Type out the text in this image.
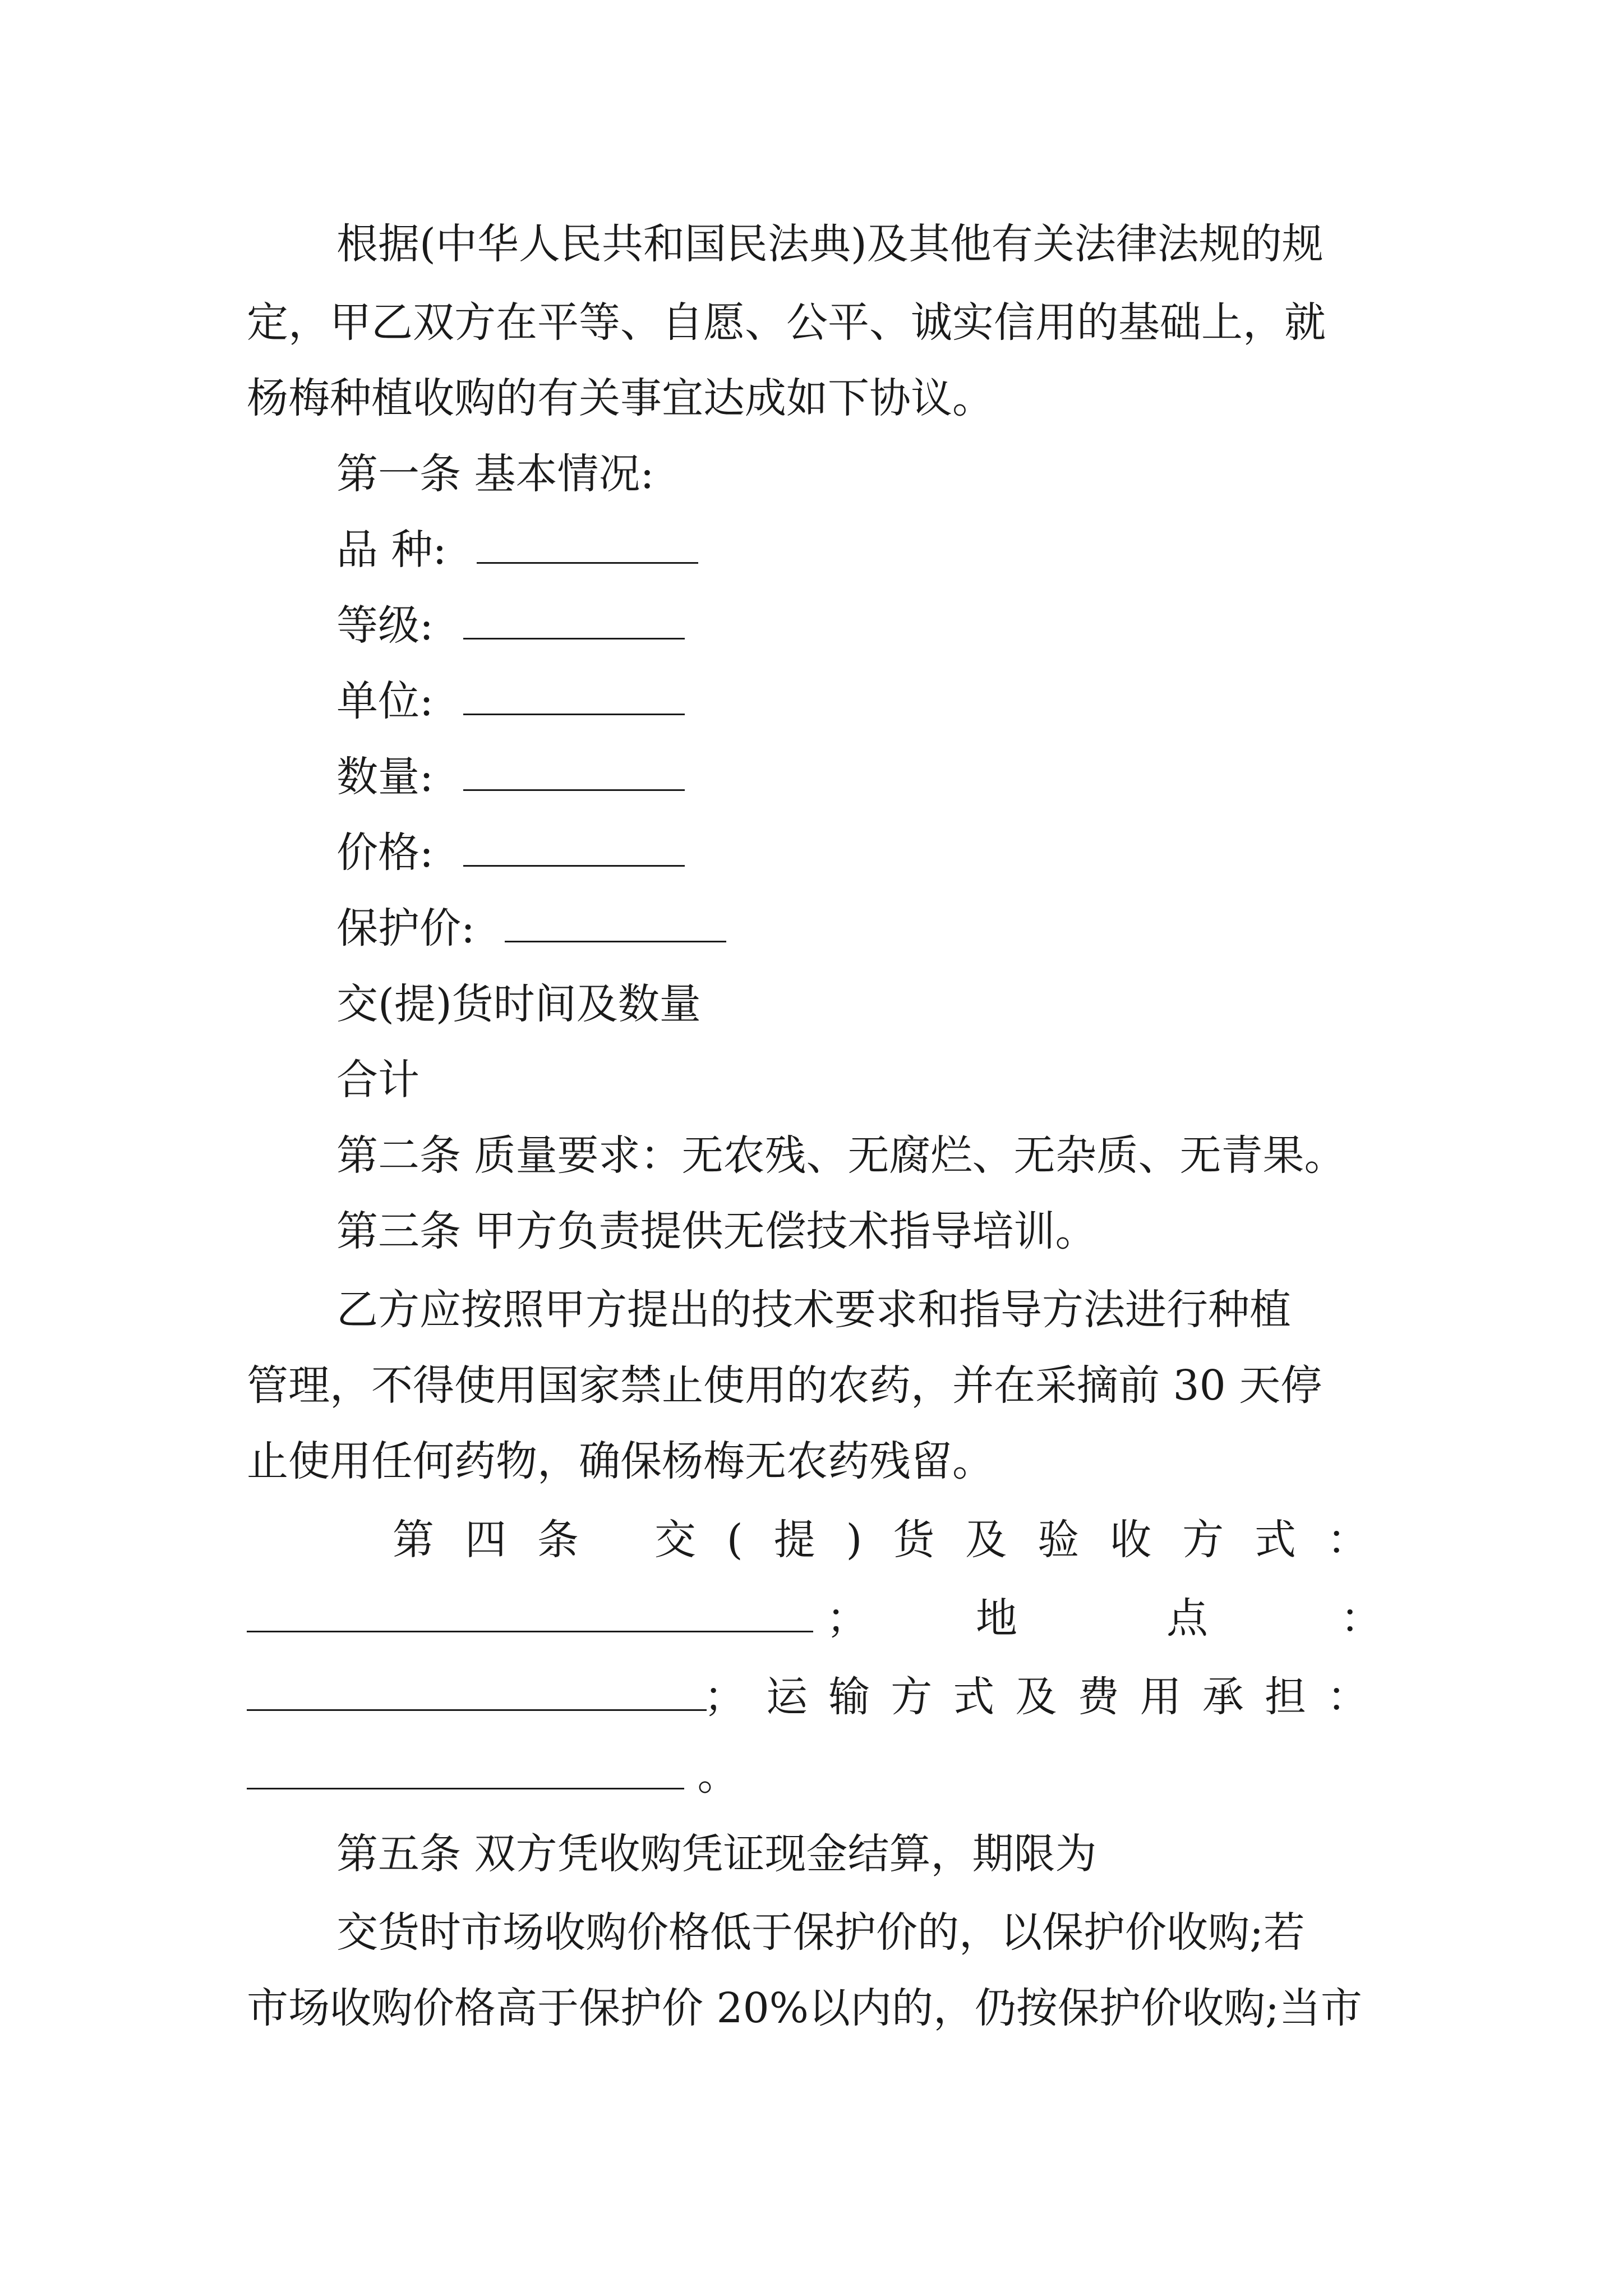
根据(中华人民共和国民法典)及其他有关法律法规的规
定，甲乙双方在平等、自愿、公平、诚实信用的基础上，就
杨梅种植收购的有关事宜达成如下协议。
第一条 基本情况:
品 种:
等级:
单位:
数量:
价格:
保护价:
交(提)货时间及数量
合计
第二条 质量要求：无农残、无腐烂、无杂质、无青果。
第三条 甲方负责提供无偿技术指导培训。
乙方应按照甲方提出的技术要求和指导方法进行种植
管理，不得使用国家禁止使用的农药，并在采摘前 30 天停
止使用任何药物，确保杨梅无农药残留。
第 四 条 交 ( 提 ) 货 及 验 收 方 式 ：
；	地	点	：
； 运 输 方 式 及 费 用 承 担 ：
。
第五条 双方凭收购凭证现金结算，期限为
交货时市场收购价格低于保护价的，以保护价收购;若
市场收购价格高于保护价 20%以内的，仍按保护价收购;当市
